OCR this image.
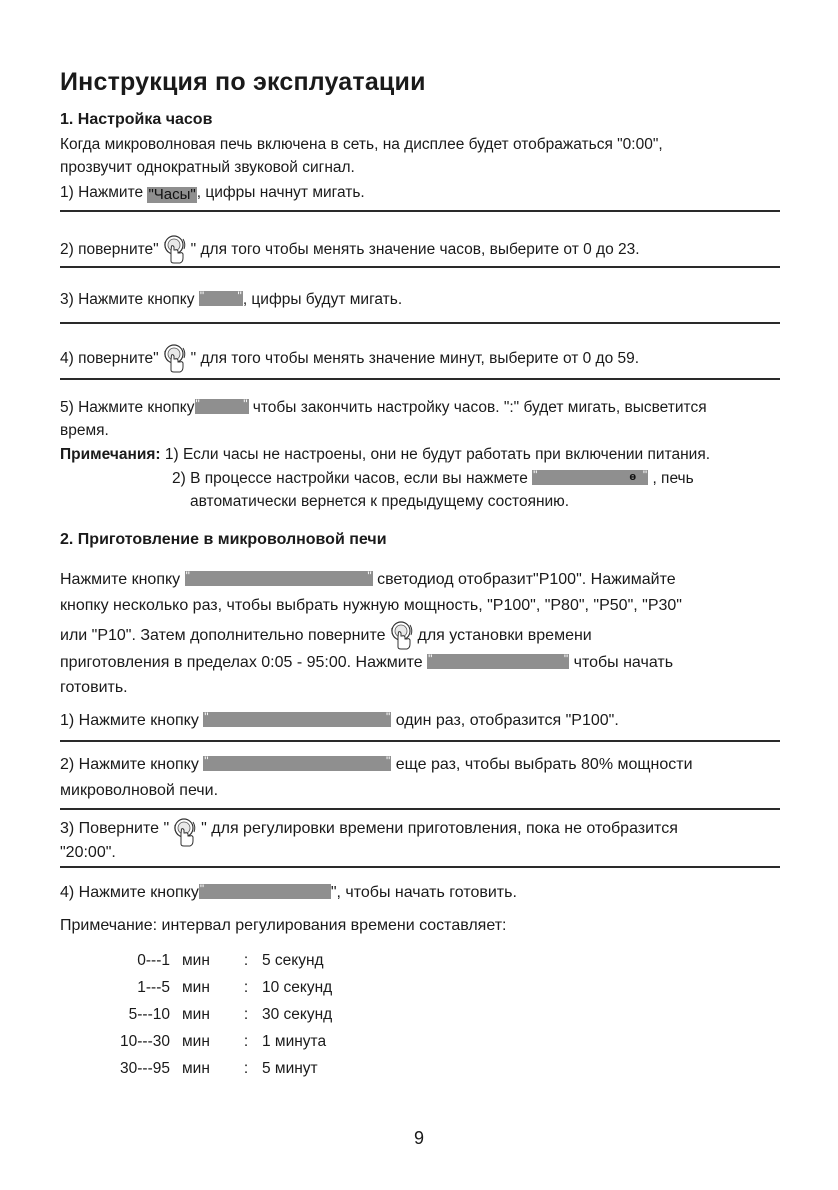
Инструкция по эксплуатации
1. Настройка часов
Когда микроволновая печь включена в сеть, на дисплее будет отображаться "0:00",
прозвучит однократный звуковой сигнал.
1) Нажмите "Часы", цифры начнут мигать.
2) поверните" " для того чтобы менять значение часов, выберите от 0 до 23.
3) Нажмите кнопку "	" , цифры будут мигать.
4) поверните" " для того чтобы менять значение минут, выберите от 0 до 59.
5) Нажмите кнопку "	" чтобы закончить настройку часов. ":" будет мигать, высветится
время.
Примечания: 1) Если часы не настроены, они не будут работать при включении питания.
2) В процессе настройки часов, если вы нажмете "	"
ɵ , печь
автоматически вернется к предыдущему состоянию.
2. Приготовление в микроволновой печи
Нажмите кнопку "	" светодиод отобразит"P100". Нажимайте
кнопку несколько раз, чтобы выбрать нужную мощность, "P100", "P80", "P50", "P30"
или "P10". Затем дополнительно поверните для установки времени
приготовления в пределах 0:05 - 95:00. Нажмите "	" чтобы начать
готовить.
1) Нажмите кнопку "	" один раз, отобразится "P100".
2) Нажмите кнопку "	" еще раз, чтобы выбрать 80% мощности
микроволновой печи.
3) Поверните " " для регулировки времени приготовления, пока не отобразится
"20:00".
4) Нажмите кнопку "	", чтобы начать готовить.
Примечание: интервал регулирования времени составляет:
0---1	мин	:	5 секунд
1---5	мин	:	10 секунд
5---10	мин	:	30 секунд
10---30	мин	:	1 минута
30---95	мин	:	5 минут
9
